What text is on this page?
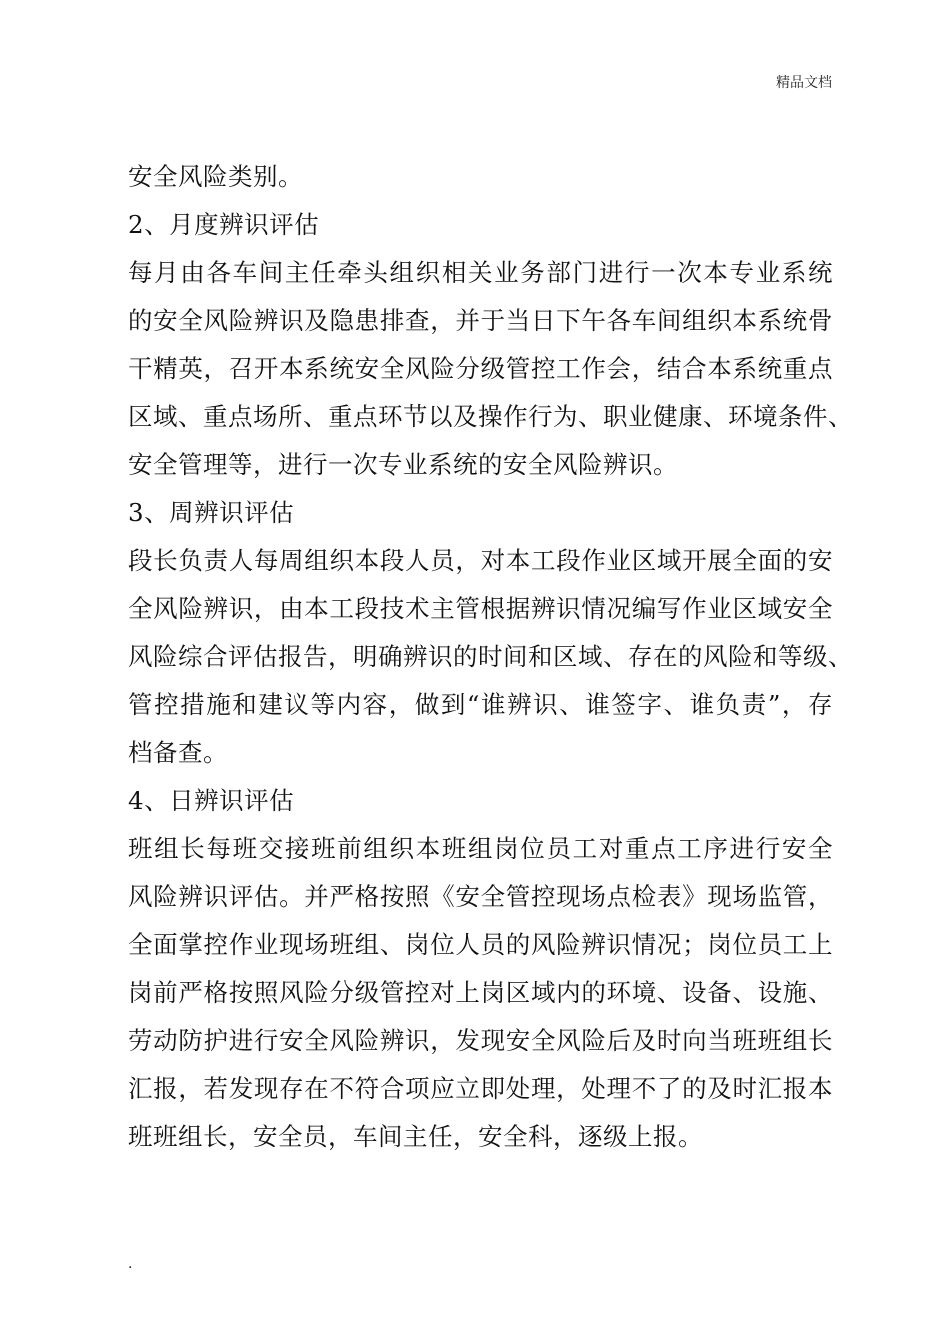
精品文档
安全风险类别。
2、月度辨识评估
每月由各车间主任牵头组织相关业务部门进行一次本专业系统
的安全风险辨识及隐患排查，并于当日下午各车间组织本系统骨
干精英，召开本系统安全风险分级管控工作会，结合本系统重点
区域、重点场所、重点环节以及操作行为、职业健康、环境条件、
安全管理等，进行一次专业系统的安全风险辨识。
3、周辨识评估
段长负责人每周组织本段人员，对本工段作业区域开展全面的安
全风险辨识，由本工段技术主管根据辨识情况编写作业区域安全
风险综合评估报告，明确辨识的时间和区域、存在的风险和等级、
管控措施和建议等内容，做到“谁辨识、谁签字、谁负责”，存
档备查。
4、日辨识评估
班组长每班交接班前组织本班组岗位员工对重点工序进行安全
风险辨识评估。并严格按照《安全管控现场点检表》现场监管，
全面掌控作业现场班组、岗位人员的风险辨识情况；岗位员工上
岗前严格按照风险分级管控对上岗区域内的环境、设备、设施、
劳动防护进行安全风险辨识，发现安全风险后及时向当班班组长
汇报，若发现存在不符合项应立即处理，处理不了的及时汇报本
班班组长，安全员，车间主任，安全科，逐级上报。
.
